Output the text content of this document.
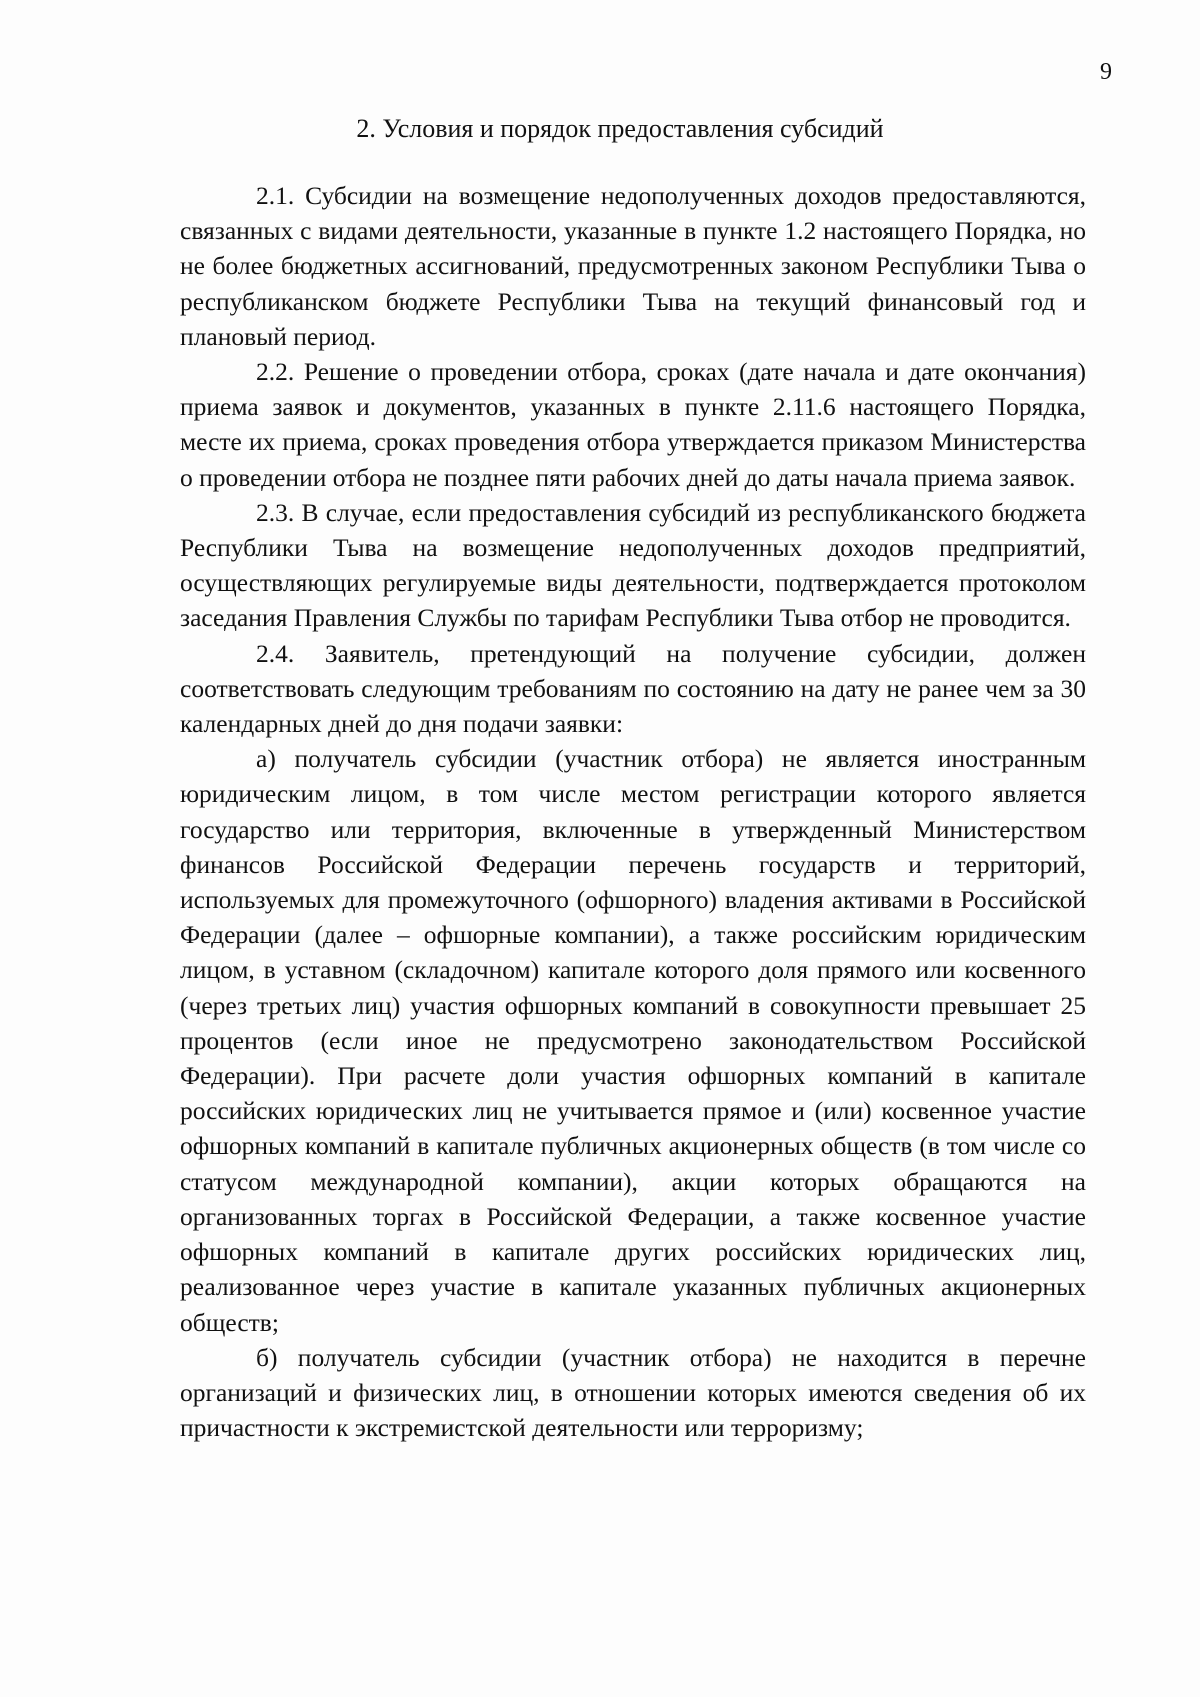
9
2. Условия и порядок предоставления субсидий

2.1. Субсидии на возмещение недополученных доходов предоставляются, связанных с видами деятельности, указанные в пункте 1.2 настоящего Порядка, но не более бюджетных ассигнований, предусмотренных законом Республики Тыва о республиканском бюджете Республики Тыва на текущий финансовый год и плановый период.

2.2. Решение о проведении отбора, сроках (дате начала и дате окончания) приема заявок и документов, указанных в пункте 2.11.6 настоящего Порядка, месте их приема, сроках проведения отбора утверждается приказом Министерства о проведении отбора не позднее пяти рабочих дней до даты начала приема заявок.

2.3. В случае, если предоставления субсидий из республиканского бюджета Республики Тыва на возмещение недополученных доходов предприятий, осуществляющих регулируемые виды деятельности, подтверждается протоколом заседания Правления Службы по тарифам Республики Тыва отбор не проводится.

2.4. Заявитель, претендующий на получение субсидии, должен соответствовать следующим требованиям по состоянию на дату не ранее чем за 30 календарных дней до дня подачи заявки:

а) получатель субсидии (участник отбора) не является иностранным юридическим лицом, в том числе местом регистрации которого является государство или территория, включенные в утвержденный Министерством финансов Российской Федерации перечень государств и территорий, используемых для промежуточного (офшорного) владения активами в Российской Федерации (далее – офшорные компании), а также российским юридическим лицом, в уставном (складочном) капитале которого доля прямого или косвенного (через третьих лиц) участия офшорных компаний в совокупности превышает 25 процентов (если иное не предусмотрено законодательством Российской Федерации). При расчете доли участия офшорных компаний в капитале российских юридических лиц не учитывается прямое и (или) косвенное участие офшорных компаний в капитале публичных акционерных обществ (в том числе со статусом международной компании), акции которых обращаются на организованных торгах в Российской Федерации, а также косвенное участие офшорных компаний в капитале других российских юридических лиц, реализованное через участие в капитале указанных публичных акционерных обществ;

б) получатель субсидии (участник отбора) не находится в перечне организаций и физических лиц, в отношении которых имеются сведения об их причастности к экстремистской деятельности или терроризму;
